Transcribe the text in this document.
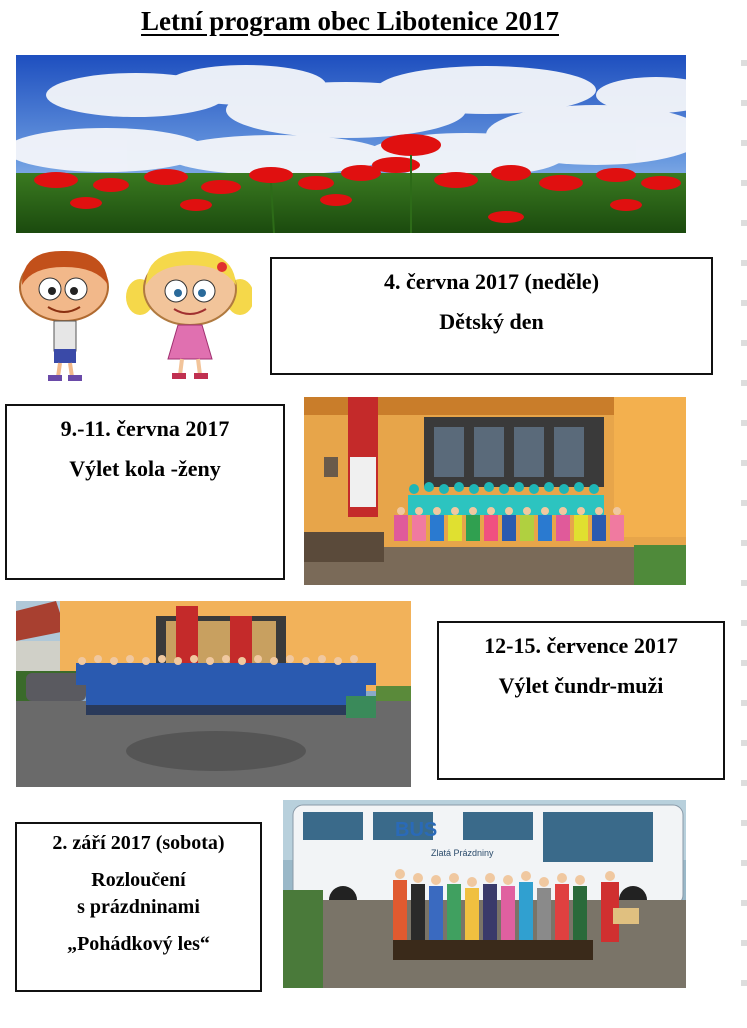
Letní program obec Libotenice 2017
4. června 2017 (neděle)
Dětský den
9.-11. června 2017
Výlet kola -ženy
12-15. července 2017
Výlet čundr-muži
2. září 2017 (sobota)
Rozloučení
s prázdninami
„Pohádkový les“
BUS
Zlatá Prázdniny
